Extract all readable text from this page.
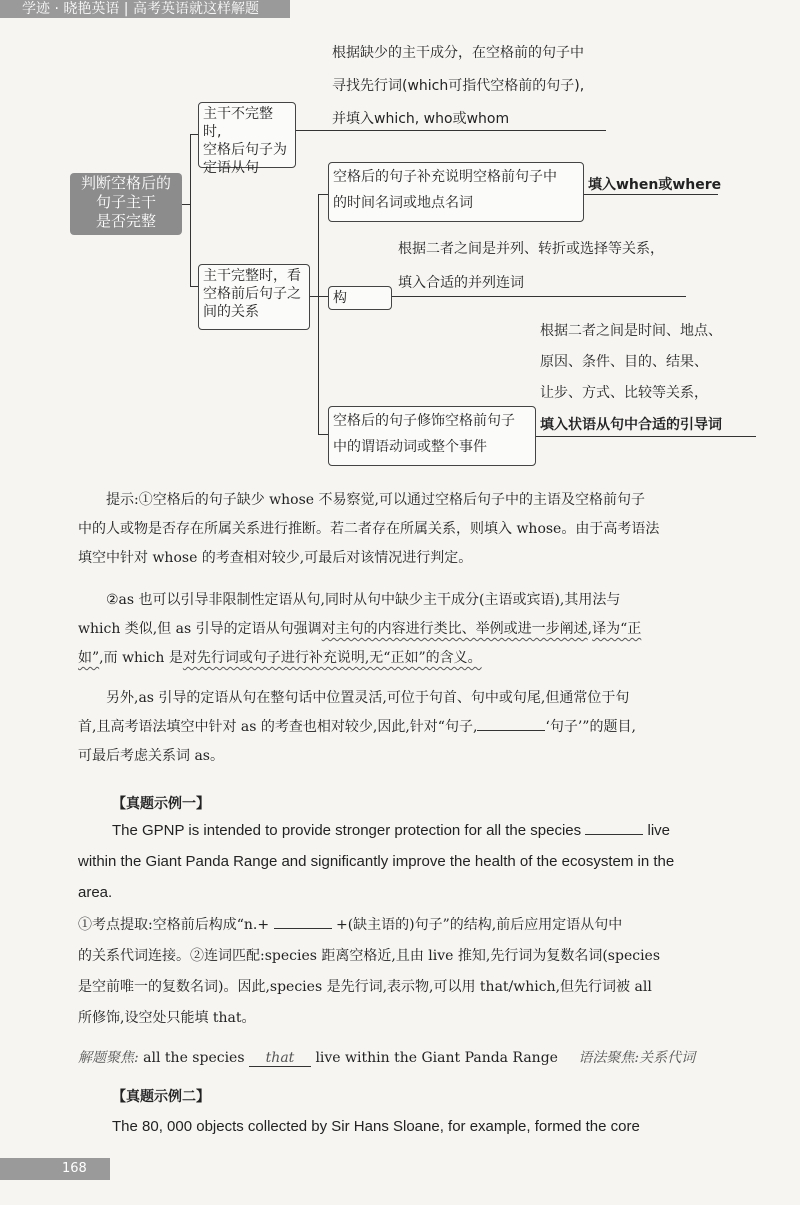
学迹 · 晓艳英语 | 高考英语就这样解题
判断空格后的
句子主干
是否完整
主干不完整时,
空格后句子为
定语从句
根据缺少的主干成分，在空格前的句子中
寻找先行词(which可指代空格前的句子),
并填入which, who或whom
主干完整时，看
空格前后句子之
间的关系
空格后的句子补充说明空格前句子中
的时间名词或地点名词
填入when或where
根据二者之间是并列、转折或选择等关系，
填入合适的并列连词
构
根据二者之间是时间、地点、
原因、条件、目的、结果、
让步、方式、比较等关系，
填入状语从句中合适的引导词
空格后的句子修饰空格前句子
中的谓语动词或整个事件
提示:①空格后的句子缺少 whose 不易察觉,可以通过空格后句子中的主语及空格前句子
中的人或物是否存在所属关系进行推断。若二者存在所属关系，则填入 whose。由于高考语法
填空中针对 whose 的考查相对较少,可最后对该情况进行判定。
②as 也可以引导非限制性定语从句,同时从句中缺少主干成分(主语或宾语),其用法与
which 类似,但 as 引导的定语从句强调对主句的内容进行类比、举例或进一步阐述,译为“正
如”,而 which 是对先行词或句子进行补充说明,无“正如”的含义。
另外,as 引导的定语从句在整句话中位置灵活,可位于句首、句中或句尾,但通常位于句
首,且高考语法填空中针对 as 的考查也相对较少,因此,针对“句子,	‘句子’”的题目,
可最后考虑关系词 as。
【真题示例一】
The GPNP is intended to provide stronger protection for all the species	live
within the Giant Panda Range and significantly improve the health of the ecosystem in the
area.
①考点提取:空格前后构成“n.+	+(缺主语的)句子”的结构,前后应用定语从句中
的关系代词连接。②连词匹配:species 距离空格近,且由 live 推知,先行词为复数名词(species
是空前唯一的复数名词)。因此,species 是先行词,表示物,可以用 that/which,但先行词被 all
所修饰,设空处只能填 that。
解题聚焦: all the species that live within the Giant Panda Range 语法聚焦:关系代词
【真题示例二】
The 80, 000 objects collected by Sir Hans Sloane, for example, formed the core
168
